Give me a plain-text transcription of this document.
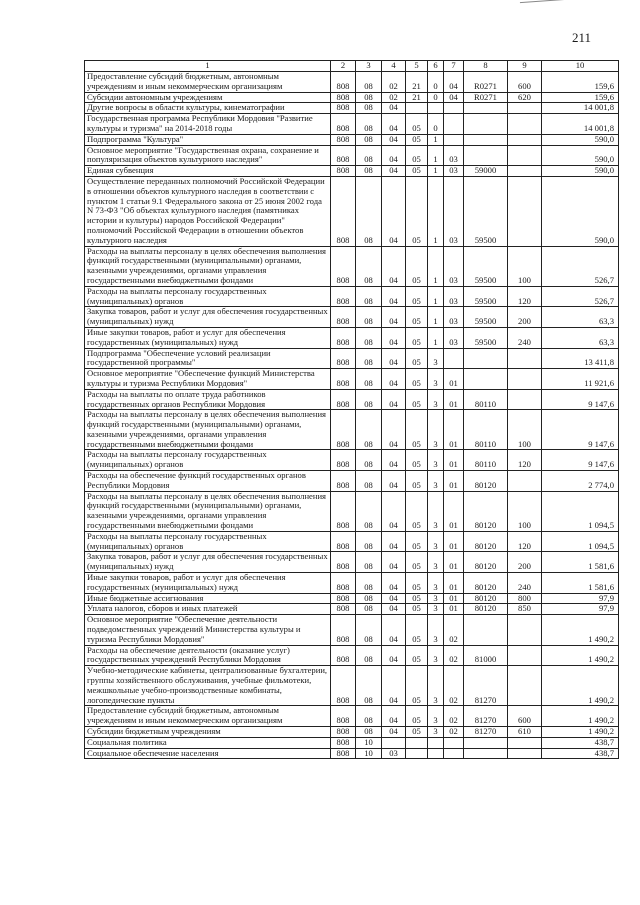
211
1	2	3	4	5	6	7	8	9	10
Предоставление субсидий бюджетным, автономным учреждениям и иным некоммерческим организациям	808	08	02	21	0	04	R0271	600	159,6
Субсидии автономным учреждениям	808	08	02	21	0	04	R0271	620	159,6
Другие вопросы в области культуры, кинематографии	808	08	04						14 001,8
Государственная программа Республики Мордовия "Развитие культуры и туризма" на 2014-2018 годы	808	08	04	05	0				14 001,8
Подпрограмма "Культура"	808	08	04	05	1				590,0
Основное мероприятие "Государственная охрана, сохранение и популяризация объектов культурного наследия"	808	08	04	05	1	03			590,0
Единая субвенция	808	08	04	05	1	03	59000		590,0
Осуществление переданных полномочий Российской Федерации в отношении объектов культурного наследия в соответствии с пунктом 1 статьи 9.1 Федерального закона от 25 июня 2002 года N 73-ФЗ "Об объектах культурного наследия (памятниках истории и культуры) народов Российской Федерации" полномочий Российской Федерации в отношении объектов культурного наследия	808	08	04	05	1	03	59500		590,0
Расходы на выплаты персоналу в целях обеспечения выполнения функций государственными (муниципальными) органами, казенными учреждениями, органами управления государственными внебюджетными фондами	808	08	04	05	1	03	59500	100	526,7
Расходы на выплаты персоналу государственных (муниципальных) органов	808	08	04	05	1	03	59500	120	526,7
Закупка товаров, работ и услуг для обеспечения государственных (муниципальных) нужд	808	08	04	05	1	03	59500	200	63,3
Иные закупки товаров, работ и услуг для обеспечения государственных (муниципальных) нужд	808	08	04	05	1	03	59500	240	63,3
Подпрограмма "Обеспечение условий реализации государственной программы"	808	08	04	05	3				13 411,8
Основное мероприятие "Обеспечение функций Министерства культуры и туризма Республики Мордовия"	808	08	04	05	3	01			11 921,6
Расходы на выплаты по оплате труда работников государственных органов Республики Мордовия	808	08	04	05	3	01	80110		9 147,6
Расходы на выплаты персоналу в целях обеспечения выполнения функций государственными (муниципальными) органами, казенными учреждениями, органами управления государственными внебюджетными фондами	808	08	04	05	3	01	80110	100	9 147,6
Расходы на выплаты персоналу государственных (муниципальных) органов	808	08	04	05	3	01	80110	120	9 147,6
Расходы на обеспечение функций государственных органов Республики Мордовия	808	08	04	05	3	01	80120		2 774,0
Расходы на выплаты персоналу в целях обеспечения выполнения функций государственными (муниципальными) органами, казенными учреждениями, органами управления государственными внебюджетными фондами	808	08	04	05	3	01	80120	100	1 094,5
Расходы на выплаты персоналу государственных (муниципальных) органов	808	08	04	05	3	01	80120	120	1 094,5
Закупка товаров, работ и услуг для обеспечения государственных (муниципальных) нужд	808	08	04	05	3	01	80120	200	1 581,6
Иные закупки товаров, работ и услуг для обеспечения государственных (муниципальных) нужд	808	08	04	05	3	01	80120	240	1 581,6
Иные бюджетные ассигнования	808	08	04	05	3	01	80120	800	97,9
Уплата налогов, сборов и иных платежей	808	08	04	05	3	01	80120	850	97,9
Основное мероприятие "Обеспечение деятельности подведомственных учреждений Министерства культуры и туризма Республики Мордовия"	808	08	04	05	3	02			1 490,2
Расходы на обеспечение деятельности (оказание услуг) государственных учреждений Республики Мордовия	808	08	04	05	3	02	81000		1 490,2
Учебно-методические кабинеты, централизованные бухгалтерии, группы хозяйственного обслуживания, учебные фильмотеки, межшкольные учебно-производственные комбинаты, логопедические пункты	808	08	04	05	3	02	81270		1 490,2
Предоставление субсидий бюджетным, автономным учреждениям и иным некоммерческим организациям	808	08	04	05	3	02	81270	600	1 490,2
Субсидии бюджетным учреждениям	808	08	04	05	3	02	81270	610	1 490,2
Социальная политика	808	10							438,7
Социальное обеспечение населения	808	10	03						438,7
